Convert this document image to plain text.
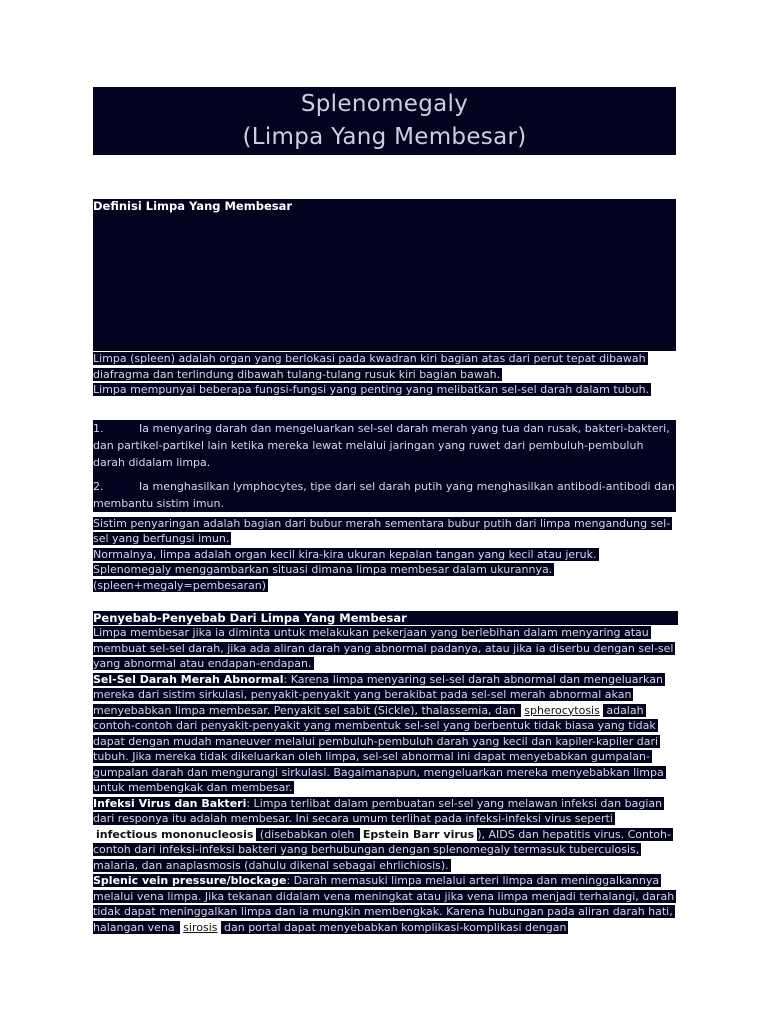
Splenomegaly
(Limpa Yang Membesar)
Definisi Limpa Yang Membesar

Limpa (spleen) adalah organ yang berlokasi pada kwadran kiri bagian atas dari perut tepat dibawah diafragma dan terlindung dibawah tulang-tulang rusuk kiri bagian bawah.

Limpa mempunyai beberapa fungsi-fungsi yang penting yang melibatkan sel-sel darah dalam tubuh.

1.	Ia menyaring darah dan mengeluarkan sel-sel darah merah yang tua dan rusak, bakteri-bakteri, dan partikel-partikel lain ketika mereka lewat melalui jaringan yang ruwet dari pembuluh-pembuluh darah didalam limpa.

2.	Ia menghasilkan lymphocytes, tipe dari sel darah putih yang menghasilkan antibodi-antibodi dan membantu sistim imun.

Sistim penyaringan adalah bagian dari bubur merah sementara bubur putih dari limpa mengandung sel-sel yang berfungsi imun.

Normalnya, limpa adalah organ kecil kira-kira ukuran kepalan tangan yang kecil atau jeruk.

Splenomegaly menggambarkan situasi dimana limpa membesar dalam ukurannya.

(spleen+megaly=pembesaran)

Penyebab-Penyebab Dari Limpa Yang Membesar

Limpa membesar jika ia diminta untuk melakukan pekerjaan yang berlebihan dalam menyaring atau membuat sel-sel darah, jika ada aliran darah yang abnormal padanya, atau jika ia diserbu dengan sel-sel yang abnormal atau endapan-endapan.

Sel-Sel Darah Merah Abnormal: Karena limpa menyaring sel-sel darah abnormal dan mengeluarkan mereka dari sistim sirkulasi, penyakit-penyakit yang berakibat pada sel-sel merah abnormal akan menyebabkan limpa membesar. Penyakit sel sabit (Sickle), thalassemia, dan spherocytosis adalah contoh-contoh dari penyakit-penyakit yang membentuk sel-sel yang berbentuk tidak biasa yang tidak dapat dengan mudah maneuver melalui pembuluh-pembuluh darah yang kecil dan kapiler-kapiler dari tubuh. Jika mereka tidak dikeluarkan oleh limpa, sel-sel abnormal ini dapat menyebabkan gumpalan-gumpalan darah dan mengurangi sirkulasi. Bagaimanapun, mengeluarkan mereka menyebabkan limpa untuk membengkak dan membesar.

Infeksi Virus dan Bakteri: Limpa terlibat dalam pembuatan sel-sel yang melawan infeksi dan bagian dari responya itu adalah membesar. Ini secara umum terlihat pada infeksi-infeksi virus seperti infectious mononucleosis (disebabkan oleh Epstein Barr virus ), AIDS dan hepatitis virus. Contoh-contoh dari infeksi-infeksi bakteri yang berhubungan dengan splenomegaly termasuk tuberculosis, malaria, dan anaplasmosis (dahulu dikenal sebagai ehrlichiosis).

Splenic vein pressure/blockage: Darah memasuki limpa melalui arteri limpa dan meninggalkannya melalui vena limpa. Jika tekanan didalam vena meningkat atau jika vena limpa menjadi terhalangi, darah tidak dapat meninggalkan limpa dan ia mungkin membengkak. Karena hubungan pada aliran darah hati, halangan vena sirosis dan portal dapat menyebabkan komplikasi-komplikasi dengan
